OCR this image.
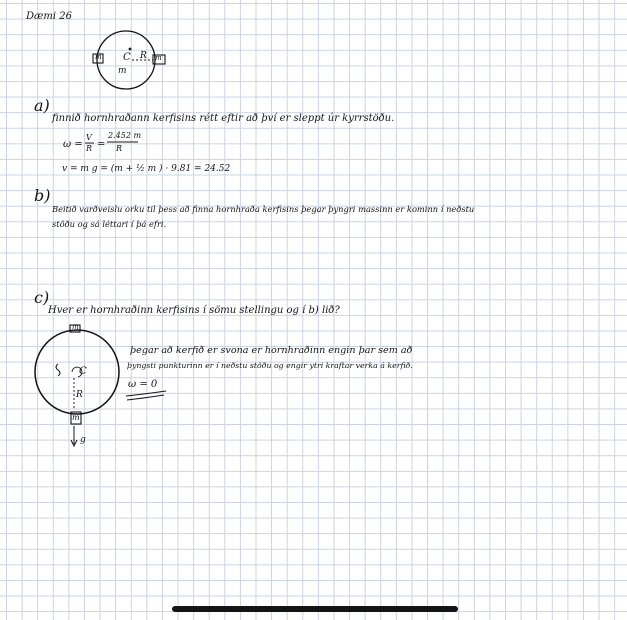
Dæmi 26
C R
m
m	m
a)
finnið hornhraðann kerfisins rétt eftir að því er sleppt úr kyrrstöðu.
ω =
V
R =
2.452 m
R
v = m g = (m + ½ m ) · 9.81 = 24.52
b)
Beitið varðveislu orku til þess að finna hornhraða kerfisins þegar þyngri massinn er kominn í neðstu
stöðu og sá léttari í þá efri.
c)
Hver er hornhraðinn kerfisins í sömu stellingu og í b) lið?
C
R
m
m
g
þegar að kerfið er svona er hornhraðinn engin þar sem að
þyngsti punkturinn er í neðstu stöðu og engir ytri kraftar verka á kerfið.
ω = 0
